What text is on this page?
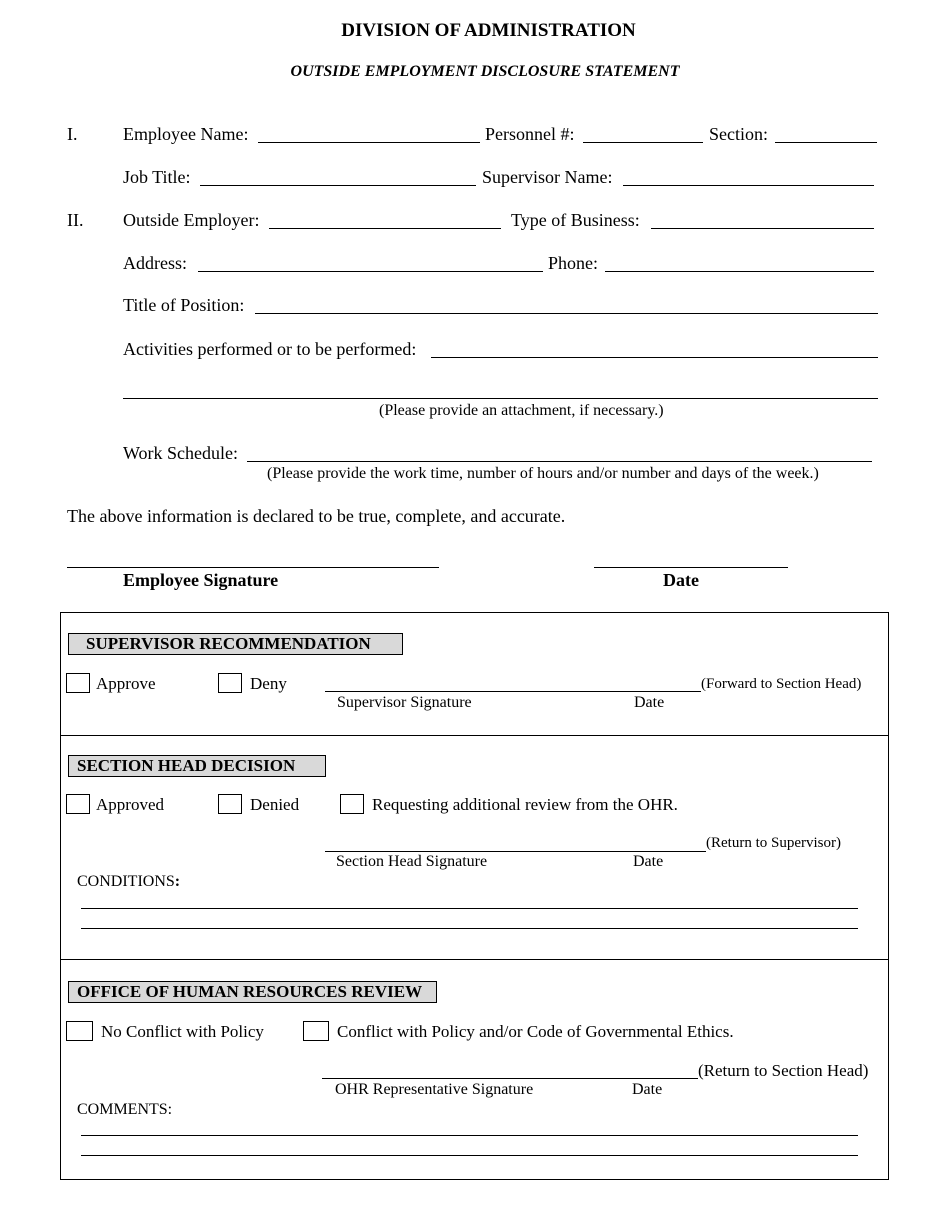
DIVISION OF ADMINISTRATION
OUTSIDE EMPLOYMENT DISCLOSURE STATEMENT
I.	Employee Name:	Personnel #:	Section:
Job Title:	Supervisor Name:
II. Outside Employer:	Type of Business:
Address:	Phone:
Title of Position:
Activities performed or to be performed:
(Please provide an attachment, if necessary.)
Work Schedule:
(Please provide the work time, number of hours and/or number and days of the week.)
The above information is declared to be true, complete, and accurate.
Employee Signature	Date
SUPERVISOR RECOMMENDATION
Approve	Deny	(Forward to Section Head)
Supervisor Signature	Date
SECTION HEAD DECISION
Approved	Denied	Requesting additional review from the OHR.
(Return to Supervisor)
Section Head Signature	Date
CONDITIONS:
OFFICE OF HUMAN RESOURCES REVIEW
No Conflict with Policy	Conflict with Policy and/or Code of Governmental Ethics.
(Return to Section Head)
OHR Representative Signature	Date
COMMENTS:
